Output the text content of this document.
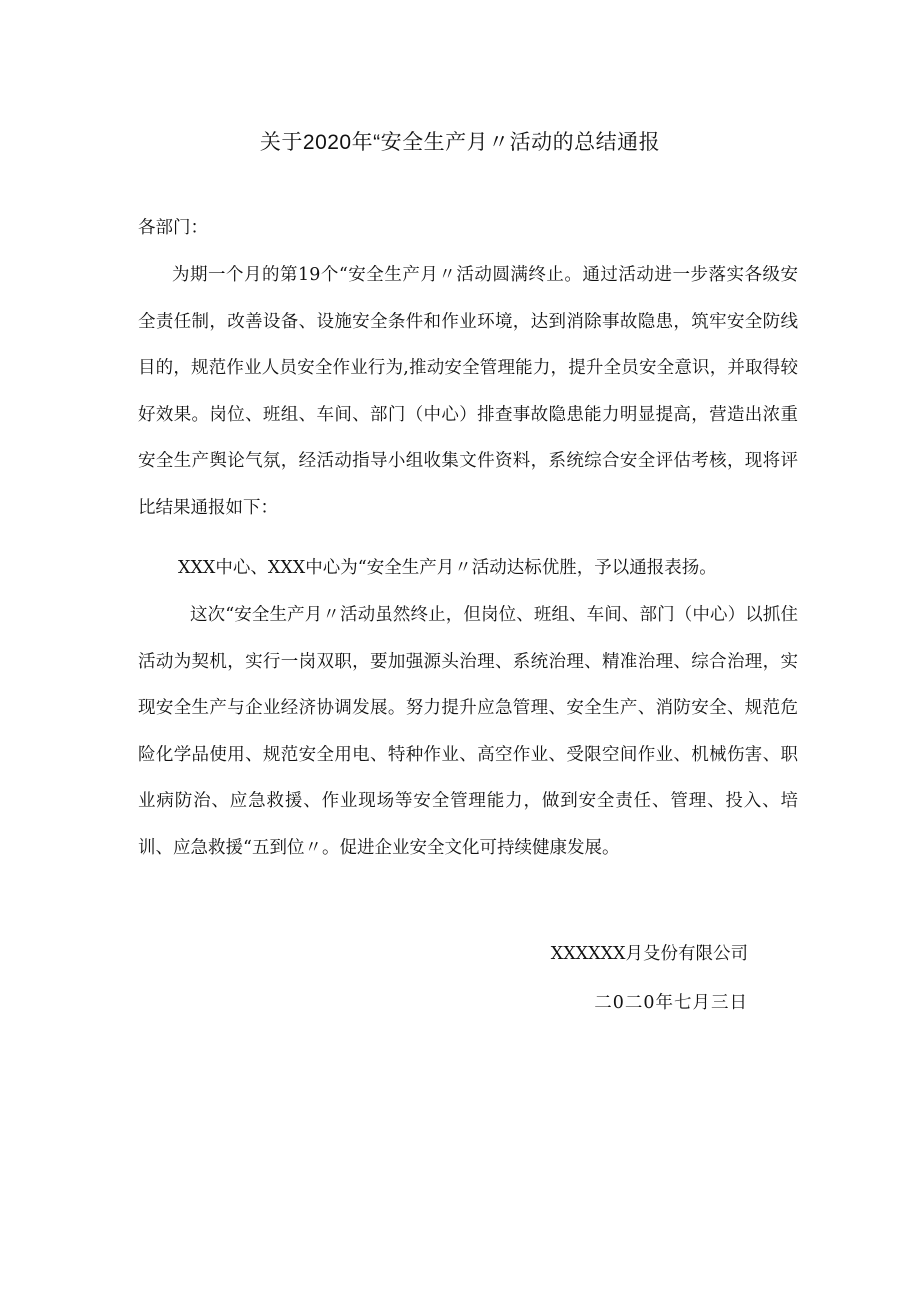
关于2020年“安全生产月〃活动的总结通报

各部门：

为期一个月的第19个“安全生产月〃活动圆满终止。通过活动进一步落实各级安全责任制，改善设备、设施安全条件和作业环境，达到消除事故隐患，筑牢安全防线目的，规范作业人员安全作业行为,推动安全管理能力，提升全员安全意识，并取得较好效果。岗位、班组、车间、部门（中心）排查事故隐患能力明显提高，营造出浓重安全生产舆论气氛，经活动指导小组收集文件资料，系统综合安全评估考核，现将评比结果通报如下：

XXX中心、XXX中心为“安全生产月〃活动达标优胜，予以通报表扬。

这次“安全生产月〃活动虽然终止，但岗位、班组、车间、部门（中心）以抓住活动为契机，实行一岗双职，要加强源头治理、系统治理、精准治理、综合治理，实现安全生产与企业经济协调发展。努力提升应急管理、安全生产、消防安全、规范危险化学品使用、规范安全用电、特种作业、高空作业、受限空间作业、机械伤害、职业病防治、应急救援、作业现场等安全管理能力，做到安全责任、管理、投入、培训、应急救援“五到位〃。促进企业安全文化可持续健康发展。

XXXXXX月殳份有限公司
二0二0年七月三日
